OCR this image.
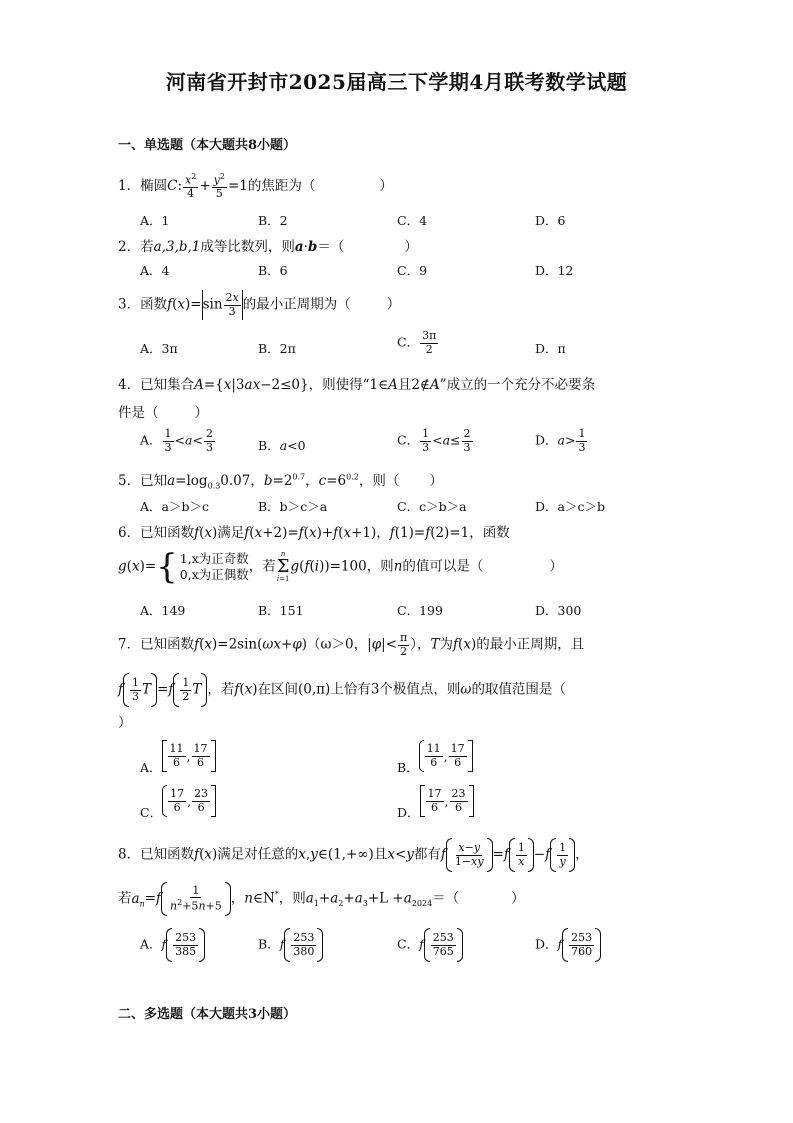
河南省开封市2025届高三下学期4月联考数学试题
一、单选题（本大题共8小题）
1．椭圆C: $\frac{x^2}{4} + \frac{y^2}{5} =1$的焦距为（	）
A．1	B．2	C．4	D．6
2．若a,3,b,1成等比数列，则a·b＝（	）
A．4	B．6	C．9	D．12
3．函数$f(x)=\sin \frac{2x}{3}$ 的最小正周期为（	）
A．3π	B．2π	C． $\frac{3\pi}{2}$	D．π
4．已知集合A={x|3ax−2≤0}，则使得“1∈A且2∉A”成立的一个充分不必要条
件是（	）
A． $\frac{1}{3} <a< \frac{2}{3}$	B．a<0	C． $\frac{1}{3} <a\le \frac{2}{3}$	D．$a> \frac{1}{3}$
5．已知$a=\log_{0.3}0.07$，$b=2^{0.7}$，$c=6^{0.2}$，则（ ）
A．a＞b＞c	B．b＞c＞a	C．c＞b＞a	D．a＞c＞b
6．已知函数f(x)满足f(x+2)=f(x)+f(x+1)，f(1)=f(2)=1，函数
g(x)= { 1,x为正奇数
0,x为正偶数 ，若
n
Σ
i=1
g(f(i))=100，则n的值可以是（	）
A．149	B．151	C．199	D．300
7．已知函数f(x)=2sin(ωx+φ)（ω＞0，$|\varphi|< \frac{\pi}{2}$ ），T为f(x)的最小正周期，且
f $\frac{1}{3}$ $T =f \frac{1}{2}$ T ，若f(x)在区间(0,π)上恰有3个极值点，则ω的取值范围是（
）
A． $\frac{11}{6}$ , $\frac{17}{6}$	B． $\frac{11}{6}$ , $\frac{17}{6}$
C． $\frac{17}{6}$ , $\frac{23}{6}$	D． $\frac{17}{6}$ , $\frac{23}{6}$
8．已知函数f(x)满足对任意的x,y∈(1,+∞)且x<y都有f $\frac{x-y}{1-xy} =f \frac{1}{x} -f \frac{1}{y}$ ，
若$a_n=f \frac{1}{n^2+5n+5}$ ，n∈N*，则$a_1+a_2+a_3+L +a_{2024}=$（	）
A．f $\frac{253}{385}$	B．f $\frac{253}{380}$	C．f $\frac{253}{765}$	D．f $\frac{253}{760}$
二、多选题（本大题共3小题）
